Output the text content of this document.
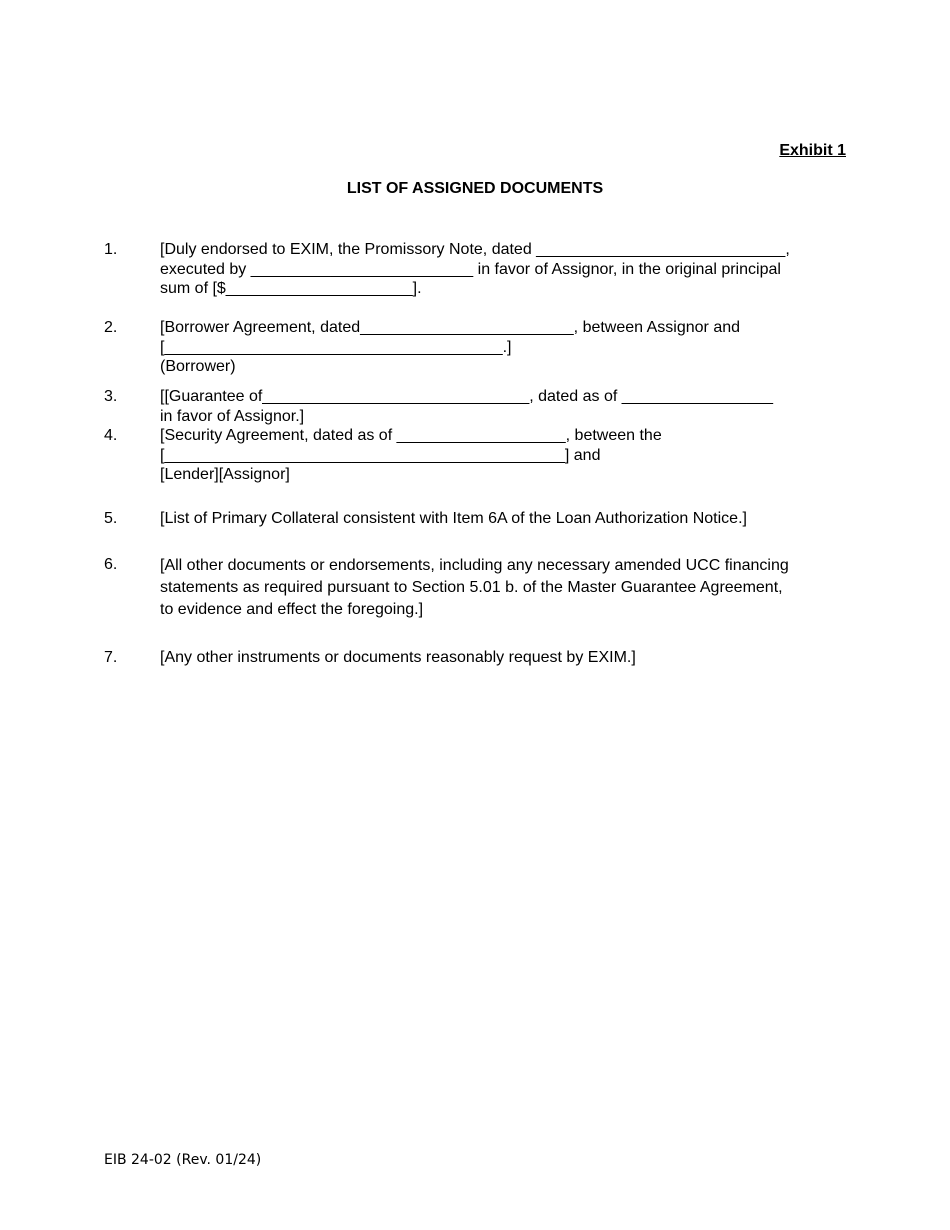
Exhibit 1
LIST OF ASSIGNED DOCUMENTS
1.	[Duly endorsed to EXIM, the Promissory Note, dated ____________________________,
executed by _________________________ in favor of Assignor, in the original principal
sum of [$_____________________].
2.	[Borrower Agreement, dated________________________, between Assignor and
[______________________________________.]
(Borrower)
3.	[[Guarantee of______________________________, dated as of _________________
in favor of Assignor.]
4.	[Security Agreement, dated as of ___________________, between the
[_____________________________________________] and
[Lender][Assignor]
5.	[List of Primary Collateral consistent with Item 6A of the Loan Authorization Notice.]
6.	[All other documents or endorsements, including any necessary amended UCC financing
statements as required pursuant to Section 5.01 b. of the Master Guarantee Agreement,
to evidence and effect the foregoing.]
7.	[Any other instruments or documents reasonably request by EXIM.]
EIB 24-02 (Rev. 01/24)
